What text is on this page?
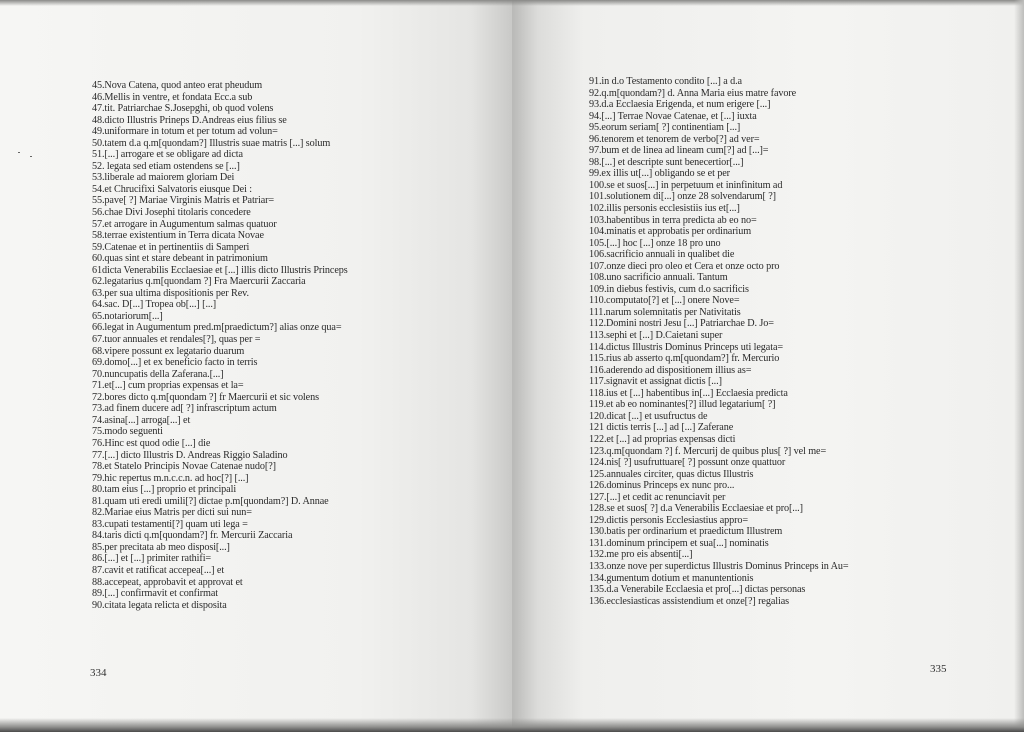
45.Nova Catena, quod anteo erat pheudum
46.Mellis in ventre, et fondata Ecc.a sub
47.tit. Patriarchae S.Josepghi, ob quod volens
48.dicto Illustris Prineps D.Andreas eius filius se
49.uniformare in totum et per totum ad volun=
50.tatem d.a q.m[quondam?] Illustris suae matris [...] solum
51.[...] arrogare et se obligare ad dicta
52. legata sed etiam ostendens se [...]
53.liberale ad maiorem gloriam Dei
54.et Chrucifixi Salvatoris eiusque Dei :
55.pave[ ?] Mariae Virginis Matris et Patriar=
56.chae Divi Josephi titolaris concedere
57.et arrogare in Augumentum salmas quatuor
58.terrae existentium in Terra dicata Novae
59.Catenae et in pertinentiis di Samperi
60.quas sint et stare debeant in patrimonium
61dicta Venerabilis Ecclaesiae et [...] illis dicto Illustris Princeps
62.legatarius q.m[quondam ?] Fra Maercurii Zaccaria
63.per sua ultima dispositionis per Rev.
64.sac. D[...] Tropea ob[...] [...]
65.notariorum[...]
66.legat in Augumentum pred.m[praedictum?] alias onze qua=
67.tuor annuales et rendales[?], quas per =
68.vipere possunt ex legatario duarum
69.domo[...] et ex beneficio facto in terris
70.nuncupatis della Zaferana.[...]
71.et[...] cum proprias expensas et la=
72.bores dicto q.m[quondam ?] fr Maercurii et sic volens
73.ad finem ducere ad[ ?] infrascriptum actum
74.asina[...] arroga[...] et
75.modo seguenti
76.Hinc est quod odie [...] die
77.[...] dicto Illustris D. Andreas Riggio Saladino
78.et Statelo Principis Novae Catenae nudo[?]
79.hic repertus m.n.c.c.n. ad hoc[?] [...]
80.tam eius [...] proprio et principali
81.quam uti eredi umili[?] dictae p.m[quondam?] D. Annae
82.Mariae eius Matris per dicti sui nun=
83.cupati testamenti[?] quam uti lega =
84.taris dicti q.m[quondam?] fr. Mercurii Zaccaria
85.per precitata ab meo disposi[...]
86.[...] et [...] primiter rathifi=
87.cavit et ratificat accepea[...] et
88.accepeat, approbavit et approvat et
89.[...] confirmavit et confirmat
90.citata legata relicta et disposita
334
91.in d.o Testamento condito [...] a d.a
92.q.m[quondam?] d. Anna Maria eius matre favore
93.d.a Ecclaesia Erigenda, et num erigere [...]
94.[...] Terrae Novae Catenae, et [...] iuxta
95.eorum seriam[ ?] continentiam [...]
96.tenorem et tenorem de verbo[?] ad ver=
97.bum et de linea ad lineam cum[?] ad [...]=
98.[...] et descripte sunt benecertior[...]
99.ex illis ut[...] obligando se et per
100.se et suos[...] in perpetuum et ininfinitum ad
101.solutionem di[...] onze 28 solvendarum[ ?]
102.illis personis ecclesistiis ius et[...]
103.habentibus in terra predicta ab eo no=
104.minatis et approbatis per ordinarium
105.[...] hoc [...] onze 18 pro uno
106.sacrificio annuali in qualibet die
107.onze dieci pro oleo et Cera et onze octo pro
108.uno sacrificio annuali. Tantum
109.in diebus festivis, cum d.o sacrificis
110.computato[?] et [...] onere Nove=
111.narum solemnitatis per Nativitatis
112.Domini nostri Jesu [...] Patriarchae D. Jo=
113.sephi et [...] D.Caietani super
114.dictus Illustris Dominus Princeps uti legata=
115.rius ab asserto q.m[quondam?] fr. Mercurio
116.aderendo ad dispositionem illius as=
117.signavit et assignat dictis [...]
118.ius et [...] habentibus in[...] Ecclaesia predicta
119.et ab eo nominantes[?] illud legatarium[ ?]
120.dicat [...] et usufructus de
121 dictis terris [...] ad [...] Zaferane
122.et [...] ad proprias expensas dicti
123.q.m[quondam ?] f. Mercurij de quibus plus[ ?] vel me=
124.nis[ ?] usufruttuare[ ?] possunt onze quattuor
125.annuales circiter, quas dictus Illustris
126.dominus Princeps ex nunc pro...
127.[...] et cedit ac renunciavit per
128.se et suos[ ?] d.a Venerabilis Ecclaesiae et pro[...]
129.dictis personis Ecclesiastius appro=
130.batis per ordinarium et praedictum Illustrem
131.dominum principem et sua[...] nominatis
132.me pro eis absenti[...]
133.onze nove per superdictus Illustris Dominus Princeps in Au=
134.gumentum dotium et manuntentionis
135.d.a Venerabile Ecclaesia et pro[...] dictas personas
136.ecclesiasticas assistendium et onze[?] regalias
335
